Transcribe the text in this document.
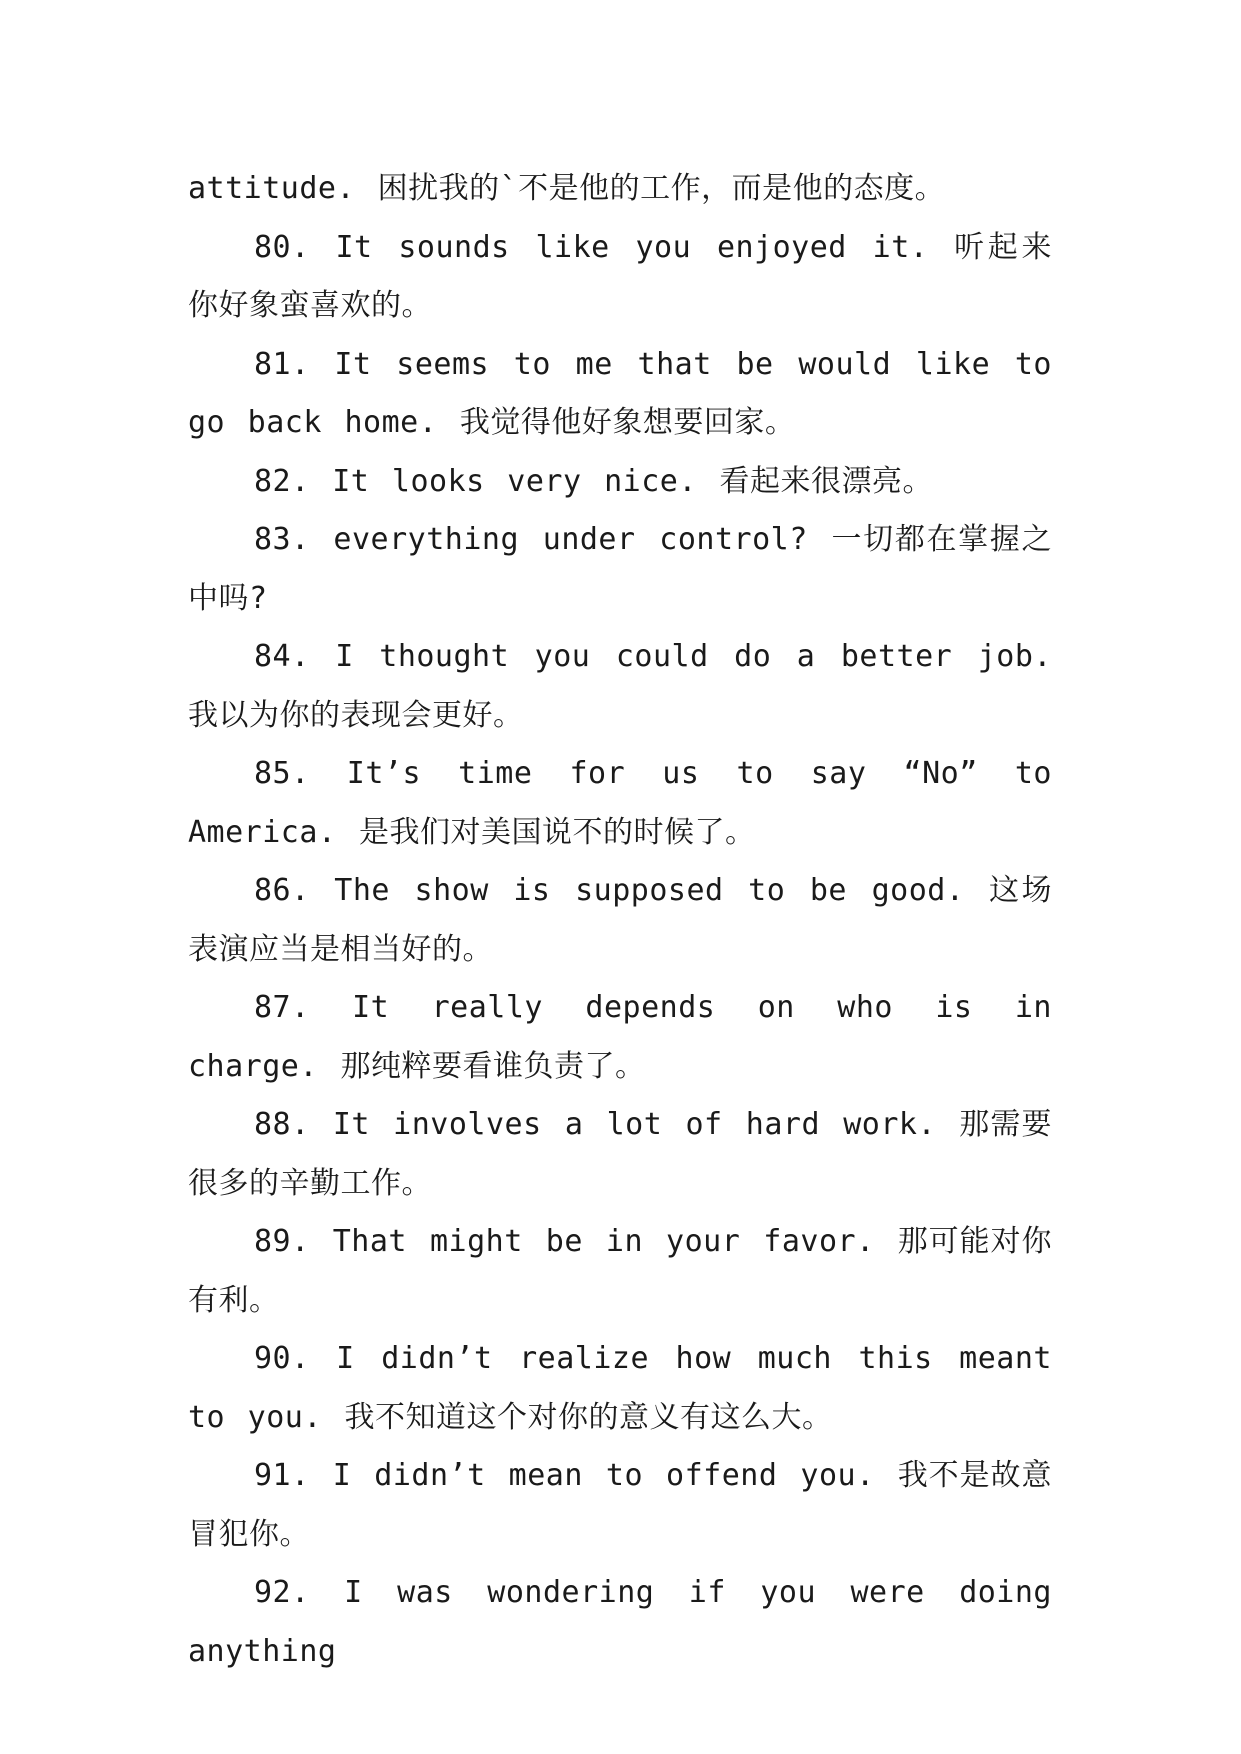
attitude. 困扰我的`不是他的工作，而是他的态度。

80. It sounds like you enjoyed it. 听起来你好象蛮喜欢的。

81. It seems to me that be would like to go back home. 我觉得他好象想要回家。

82. It looks very nice. 看起来很漂亮。

83. everything under control? 一切都在掌握之中吗?

84. I thought you could do a better job. 我以为你的表现会更好。

85. It’s time for us to say “No” to America. 是我们对美国说不的时候了。

86. The show is supposed to be good. 这场表演应当是相当好的。

87. It really depends on who is in charge. 那纯粹要看谁负责了。

88. It involves a lot of hard work. 那需要很多的辛勤工作。

89. That might be in your favor. 那可能对你有利。

90. I didn’t realize how much this meant to you. 我不知道这个对你的意义有这么大。

91. I didn’t mean to offend you. 我不是故意冒犯你。

92. I was wondering if you were doing anything
